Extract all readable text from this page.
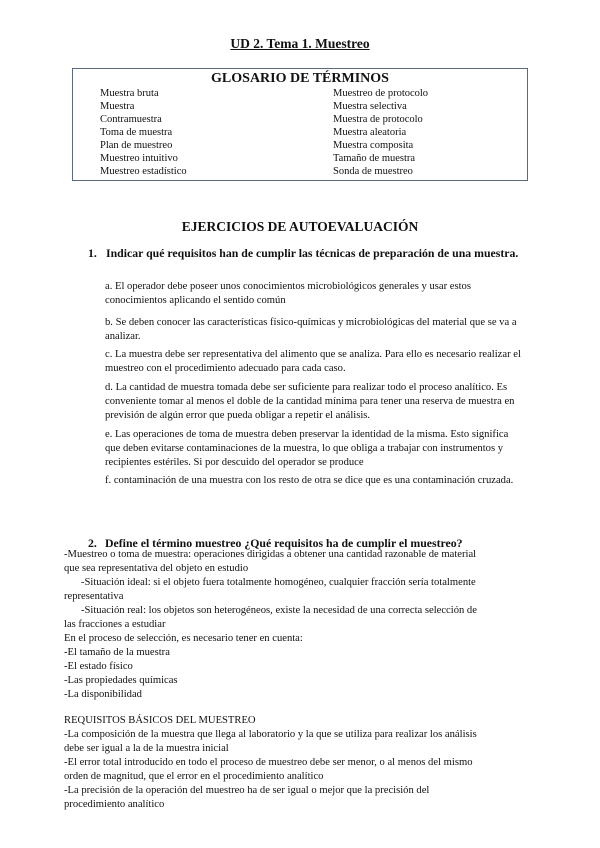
UD 2. Tema 1. Muestreo
GLOSARIO DE TÉRMINOS
Muestra bruta
Muestra
Contramuestra
Toma de muestra
Plan de muestreo
Muestreo intuitivo
Muestreo estadístico
Muestreo de protocolo
Muestra selectiva
Muestra de protocolo
Muestra aleatoria
Muestra composita
Tamaño de muestra
Sonda de muestreo
EJERCICIOS DE AUTOEVALUACIÓN
1. Indicar qué requisitos han de cumplir las técnicas de preparación de una muestra.
a. El operador debe poseer unos conocimientos microbiológicos generales y usar estos conocimientos aplicando el sentido común
b. Se deben conocer las características físico-químicas y microbiológicas del material que se va a analizar.
c. La muestra debe ser representativa del alimento que se analiza. Para ello es necesario realizar el muestreo con el procedimiento adecuado para cada caso.
d. La cantidad de muestra tomada debe ser suficiente para realizar todo el proceso analítico. Es conveniente tomar al menos el doble de la cantidad mínima para tener una reserva de muestra en previsión de algún error que pueda obligar a repetir el análisis.
e. Las operaciones de toma de muestra deben preservar la identidad de la misma. Esto significa que deben evitarse contaminaciones de la muestra, lo que obliga a trabajar con instrumentos y recipientes estériles. Si por descuido del operador se produce
f. contaminación de una muestra con los resto de otra se dice que es una contaminación cruzada.
2. Define el término muestreo ¿Qué requisitos ha de cumplir el muestreo?

-Muestreo o toma de muestra: operaciones dirigidas a obtener una cantidad razonable de material

que sea representativa del objeto en estudio

-Situación ideal: si el objeto fuera totalmente homogéneo, cualquier fracción sería totalmente

representativa

-Situación real: los objetos son heterogéneos, existe la necesidad de una correcta selección de

las fracciones a estudiar

En el proceso de selección, es necesario tener en cuenta:

-El tamaño de la muestra

-El estado físico

-Las propiedades químicas

-La disponibilidad

REQUISITOS BÁSICOS DEL MUESTREO

-La composición de la muestra que llega al laboratorio y la que se utiliza para realizar los análisis

debe ser igual a la de la muestra inicial

-El error total introducido en todo el proceso de muestreo debe ser menor, o al menos del mismo

orden de magnitud, que el error en el procedimiento analítico

-La precisión de la operación del muestreo ha de ser igual o mejor que la precisión del

procedimiento analítico
